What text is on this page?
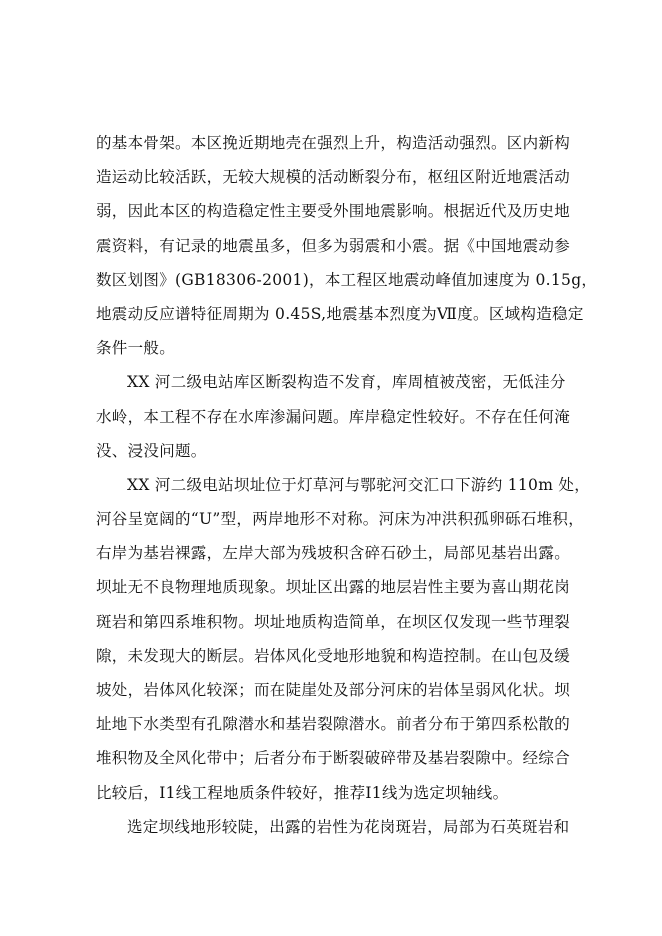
的基本骨架。本区挽近期地壳在强烈上升，构造活动强烈。区内新构
造运动比较活跃，无较大规模的活动断裂分布，枢纽区附近地震活动
弱，因此本区的构造稳定性主要受外围地震影响。根据近代及历史地
震资料，有记录的地震虽多，但多为弱震和小震。据《中国地震动参
数区划图》(GB18306-2001)，本工程区地震动峰值加速度为 0.15g，
地震动反应谱特征周期为 0.45S,地震基本烈度为Ⅶ度。区域构造稳定
条件一般。
XX 河二级电站库区断裂构造不发育，库周植被茂密，无低洼分
水岭，本工程不存在水库渗漏问题。库岸稳定性较好。不存在任何淹
没、浸没问题。
XX 河二级电站坝址位于灯草河与鄂驼河交汇口下游约 110m 处，
河谷呈宽阔的“U”型，两岸地形不对称。河床为冲洪积孤卵砾石堆积，
右岸为基岩裸露，左岸大部为残坡积含碎石砂土，局部见基岩出露。
坝址无不良物理地质现象。坝址区出露的地层岩性主要为喜山期花岗
斑岩和第四系堆积物。坝址地质构造简单，在坝区仅发现一些节理裂
隙，未发现大的断层。岩体风化受地形地貌和构造控制。在山包及缓
坡处，岩体风化较深；而在陡崖处及部分河床的岩体呈弱风化状。坝
址地下水类型有孔隙潜水和基岩裂隙潜水。前者分布于第四系松散的
堆积物及全风化带中；后者分布于断裂破碎带及基岩裂隙中。经综合
比较后，Ⅰ1线工程地质条件较好，推荐Ⅰ1线为选定坝轴线。
选定坝线地形较陡，出露的岩性为花岗斑岩，局部为石英斑岩和
